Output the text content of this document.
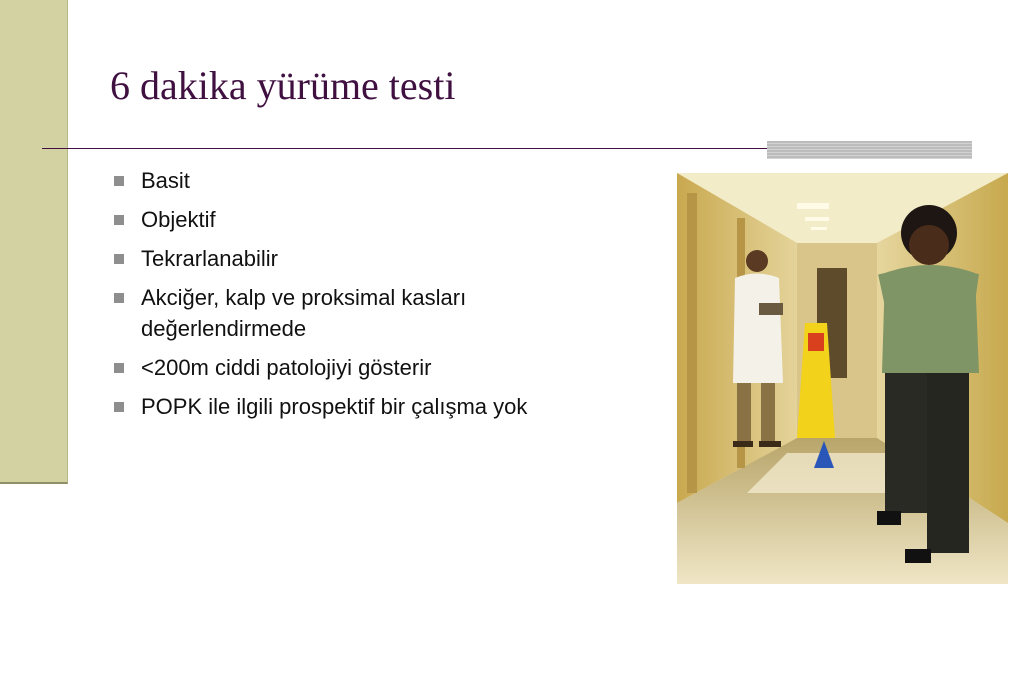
6 dakika yürüme testi
Basit
Objektif
Tekrarlanabilir
Akciğer, kalp ve proksimal kasları değerlendirmede
<200m ciddi patolojiyi gösterir
POPK ile ilgili prospektif bir çalışma yok
